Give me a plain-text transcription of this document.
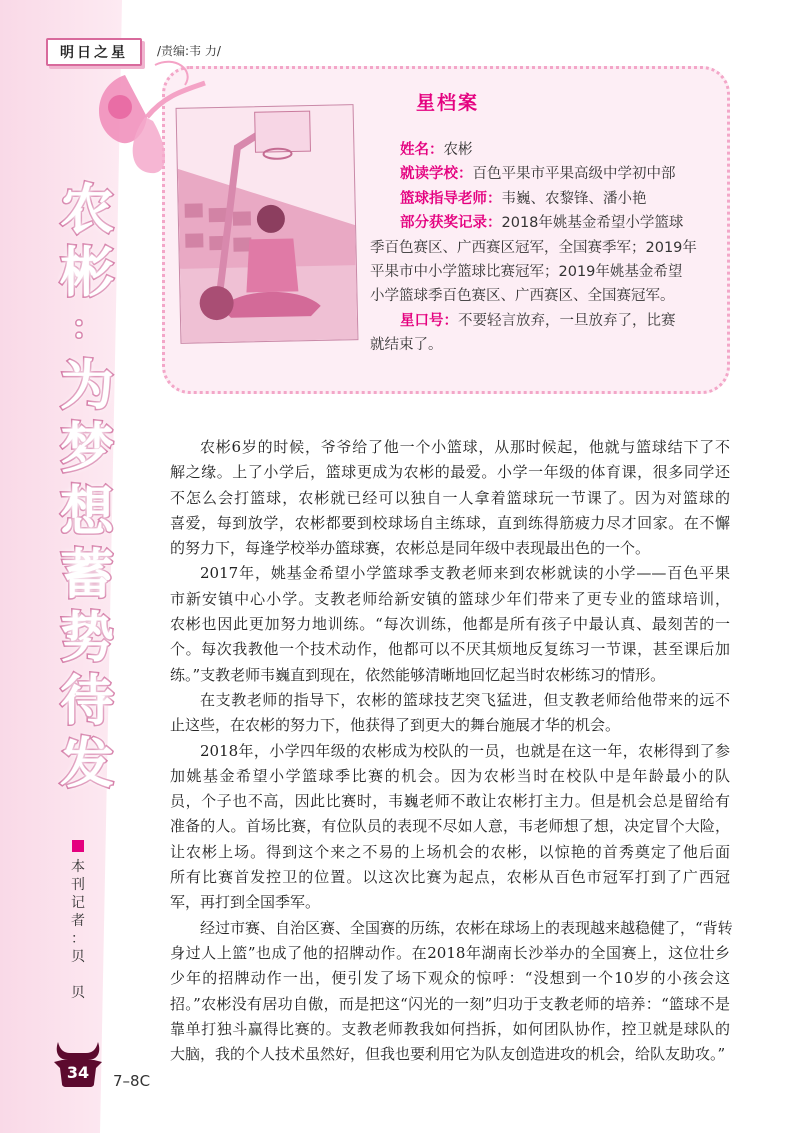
明日之星	/责编:韦 力/
星档案
姓名：农彬
就读学校：百色平果市平果高级中学初中部
篮球指导老师：韦巍、农黎锋、潘小艳
部分获奖记录：2018年姚基金希望小学篮球
季百色赛区、广西赛区冠军，全国赛季军；2019年
平果市中小学篮球比赛冠军；2019年姚基金希望
小学篮球季百色赛区、广西赛区、全国赛冠军。
星口号：不要轻言放弃，一旦放弃了，比赛
就结束了。
农
彬
：
为
梦
想
蓄
势
待
发
本
刊
记
者
：
贝
贝
农彬6岁的时候，爷爷给了他一个小篮球，从那时候起，他就与篮球结下了不
解之缘。上了小学后，篮球更成为农彬的最爱。小学一年级的体育课，很多同学还
不怎么会打篮球，农彬就已经可以独自一人拿着篮球玩一节课了。因为对篮球的
喜爱，每到放学，农彬都要到校球场自主练球，直到练得筋疲力尽才回家。在不懈
的努力下，每逢学校举办篮球赛，农彬总是同年级中表现最出色的一个。
2017年，姚基金希望小学篮球季支教老师来到农彬就读的小学——百色平果
市新安镇中心小学。支教老师给新安镇的篮球少年们带来了更专业的篮球培训，
农彬也因此更加努力地训练。“每次训练，他都是所有孩子中最认真、最刻苦的一
个。每次我教他一个技术动作，他都可以不厌其烦地反复练习一节课，甚至课后加
练。”支教老师韦巍直到现在，依然能够清晰地回忆起当时农彬练习的情形。
在支教老师的指导下，农彬的篮球技艺突飞猛进，但支教老师给他带来的远不
止这些，在农彬的努力下，他获得了到更大的舞台施展才华的机会。
2018年，小学四年级的农彬成为校队的一员，也就是在这一年，农彬得到了参
加姚基金希望小学篮球季比赛的机会。因为农彬当时在校队中是年龄最小的队
员，个子也不高，因此比赛时，韦巍老师不敢让农彬打主力。但是机会总是留给有
准备的人。首场比赛，有位队员的表现不尽如人意，韦老师想了想，决定冒个大险，
让农彬上场。得到这个来之不易的上场机会的农彬，以惊艳的首秀奠定了他后面
所有比赛首发控卫的位置。以这次比赛为起点，农彬从百色市冠军打到了广西冠
军，再打到全国季军。
经过市赛、自治区赛、全国赛的历练，农彬在球场上的表现越来越稳健了，“背转
身过人上篮”也成了他的招牌动作。在2018年湖南长沙举办的全国赛上，这位壮乡
少年的招牌动作一出，便引发了场下观众的惊呼：“没想到一个10岁的小孩会这
招。”农彬没有居功自傲，而是把这“闪光的一刻”归功于支教老师的培养：“篮球不是
靠单打独斗赢得比赛的。支教老师教我如何挡拆，如何团队协作，控卫就是球队的
大脑，我的个人技术虽然好，但我也要利用它为队友创造进攻的机会，给队友助攻。”
34	7–8C
